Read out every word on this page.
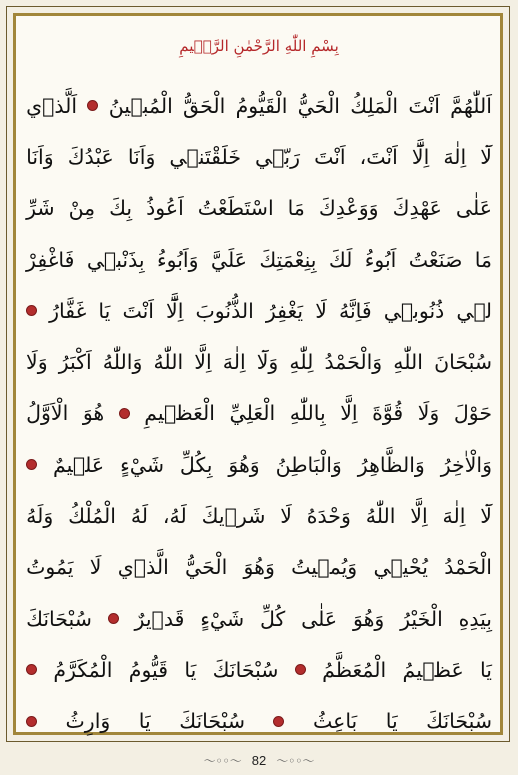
بِسْمِ اللّٰهِ الرَّحْمٰنِ الرَّح۪يمِ
اَللّٰهُمَّ
اَنْتَ
الْمَلِكُ
الْحَيُّ
الْقَيُّومُ
الْحَقُّ
الْمُب۪ينُ
اَلَّذ۪ي
لَٓا
اِلٰهَ
اِلَّٓا
اَنْتَ،
اَنْتَ
رَبّ۪ي
خَلَقْتَن۪ي
وَاَنَا
عَبْدُكَ
وَاَنَا
عَلٰى
عَهْدِكَ
وَوَعْدِكَ
مَا
اسْتَطَعْتُ
اَعُوذُ
بِكَ
مِنْ
شَرِّ
مَا
صَنَعْتُ
اَبُوءُ
لَكَ
بِنِعْمَتِكَ
عَلَيَّ
وَاَبُوءُ
بِذَنْب۪ي
فَاغْفِرْ
ل۪ي
ذُنُوب۪ي
فَاِنَّهُ
لَا
يَغْفِرُ
الذُّنُوبَ
اِلَّٓا
اَنْتَ
يَا
غَفَّارُ
سُبْحَانَ
اللّٰهِ
وَالْحَمْدُ
لِلّٰهِ
وَلَٓا
اِلٰهَ
اِلَّا
اللّٰهُ
وَاللّٰهُ
اَكْبَرُ
وَلَا
حَوْلَ
وَلَا
قُوَّةَ
اِلَّا
بِاللّٰهِ
الْعَلِيِّ
الْعَظ۪يمِ
هُوَ
الْاَوَّلُ
وَالْاٰخِرُ
وَالظَّاهِرُ
وَالْبَاطِنُ
وَهُوَ
بِكُلِّ
شَيْءٍ
عَل۪يمٌ
لَٓا
اِلٰهَ
اِلَّا
اللّٰهُ
وَحْدَهُ
لَا
شَر۪يكَ
لَهُ،
لَهُ
الْمُلْكُ
وَلَهُ
الْحَمْدُ
يُحْي۪ي
وَيُم۪يتُ
وَهُوَ
الْحَيُّ
الَّذ۪ي
لَا
يَمُوتُ
بِيَدِهِ
الْخَيْرُ
وَهُوَ
عَلٰى
كُلِّ
شَيْءٍ
قَد۪يرٌ
سُبْحَانَكَ
يَا
عَظ۪يمُ
الْمُعَظَّمُ
سُبْحَانَكَ
يَا
قَيُّومُ
الْمُكَرَّمُ
سُبْحَانَكَ
يَا
بَاعِثُ
سُبْحَانَكَ
يَا
وَارِثُ
〜◦◦〜 82 〜◦◦〜
